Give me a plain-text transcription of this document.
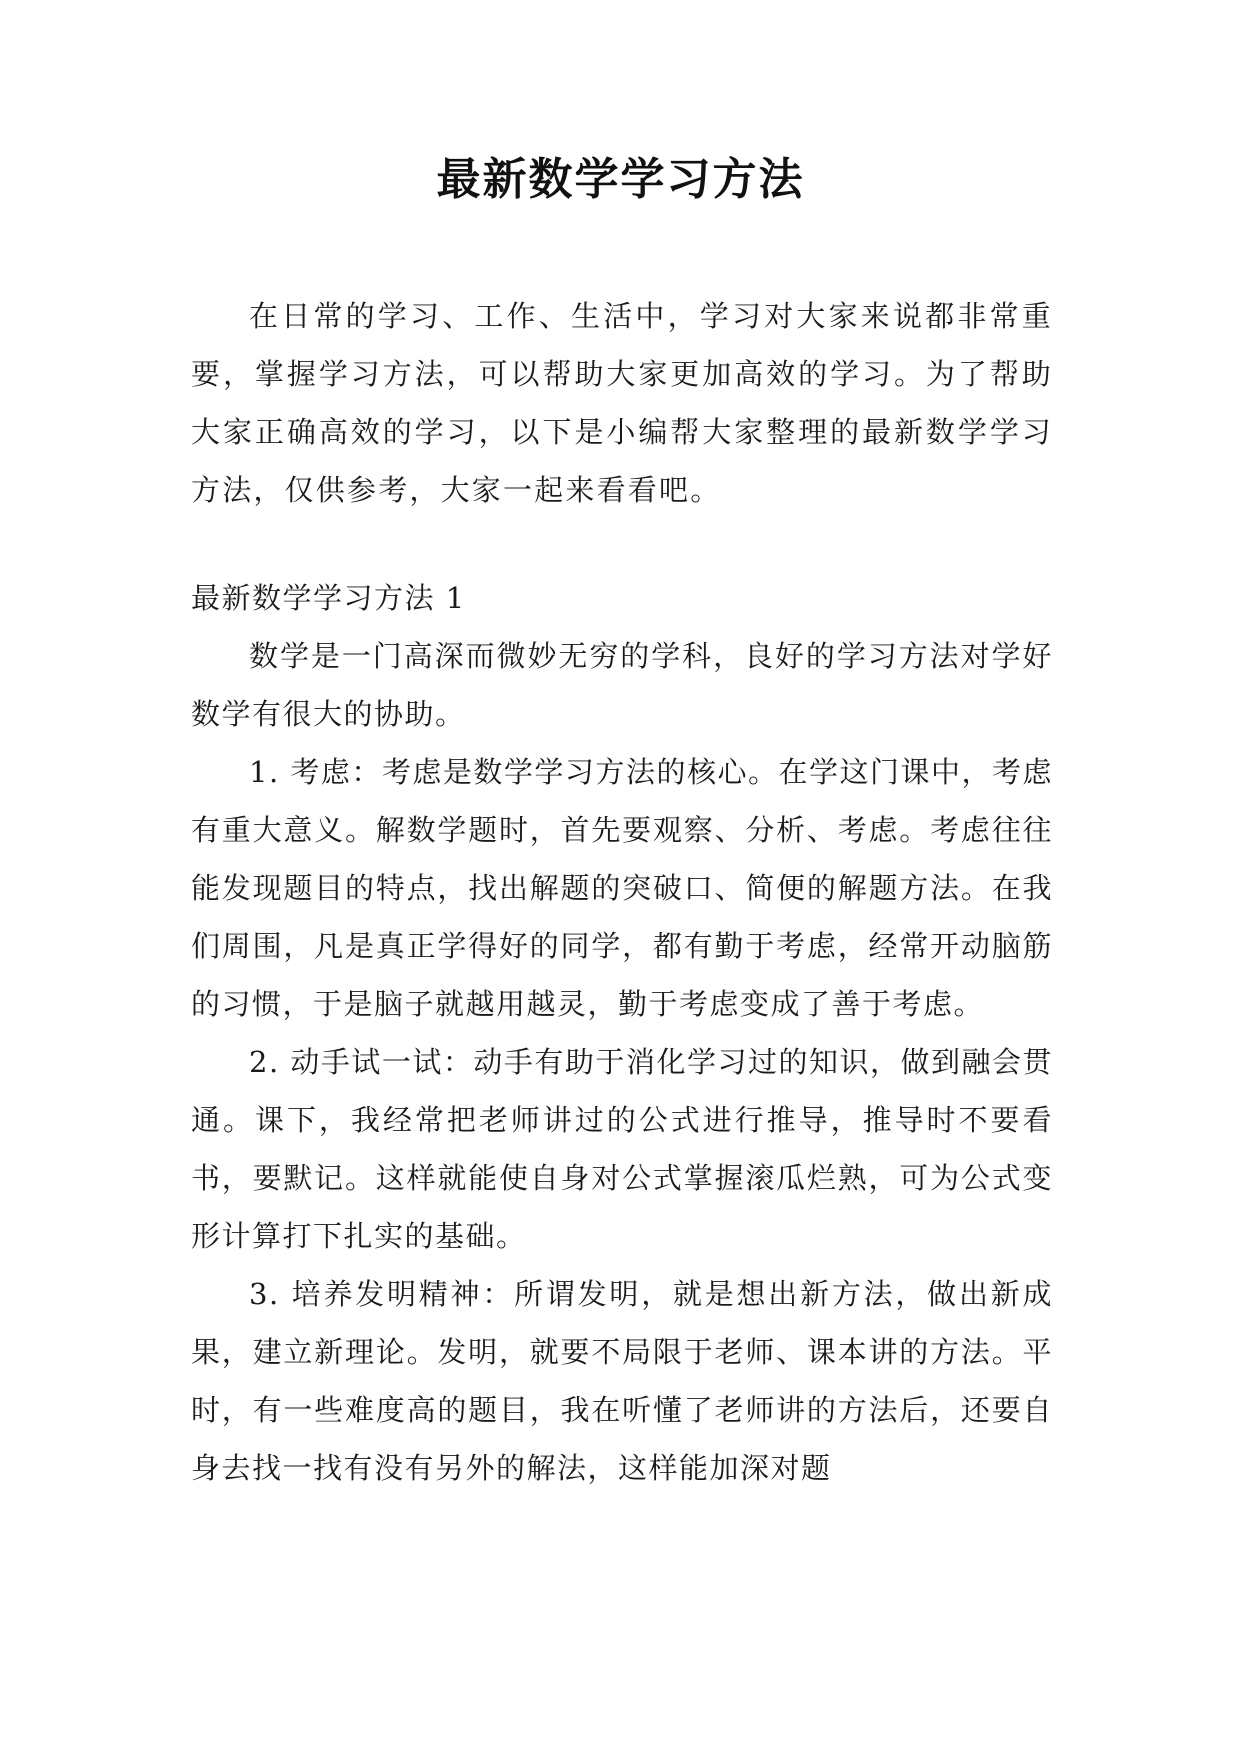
最新数学学习方法

在日常的学习、工作、生活中，学习对大家来说都非常重要，掌握学习方法，可以帮助大家更加高效的学习。为了帮助大家正确高效的学习，以下是小编帮大家整理的最新数学学习方法，仅供参考，大家一起来看看吧。

最新数学学习方法 1

数学是一门高深而微妙无穷的学科，良好的学习方法对学好数学有很大的协助。

1. 考虑：考虑是数学学习方法的核心。在学这门课中，考虑有重大意义。解数学题时，首先要观察、分析、考虑。考虑往往能发现题目的特点，找出解题的突破口、简便的解题方法。在我们周围，凡是真正学得好的同学，都有勤于考虑，经常开动脑筋的习惯，于是脑子就越用越灵，勤于考虑变成了善于考虑。

2. 动手试一试：动手有助于消化学习过的知识，做到融会贯通。课下，我经常把老师讲过的公式进行推导，推导时不要看书，要默记。这样就能使自身对公式掌握滚瓜烂熟，可为公式变形计算打下扎实的基础。

3. 培养发明精神：所谓发明，就是想出新方法，做出新成果，建立新理论。发明，就要不局限于老师、课本讲的方法。平时，有一些难度高的题目，我在听懂了老师讲的方法后，还要自身去找一找有没有另外的解法，这样能加深对题
